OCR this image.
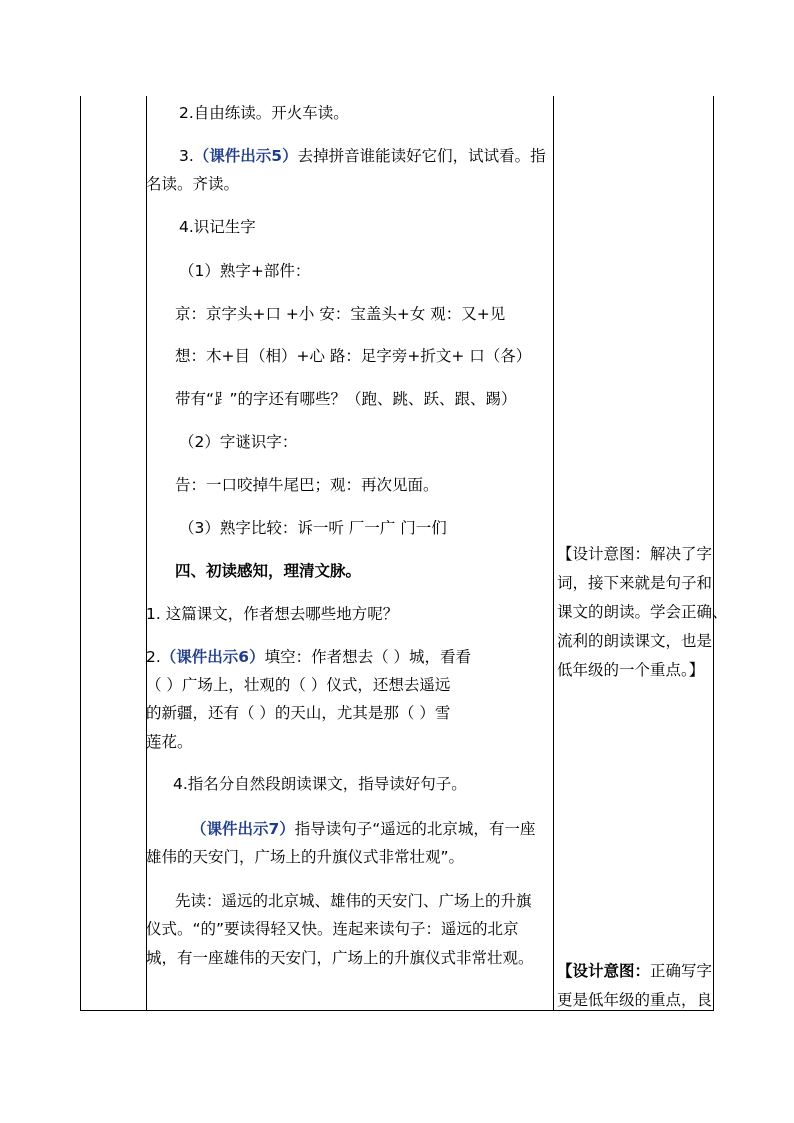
2.自由练读。开火车读。
3.（课件出示5）去掉拼音谁能读好它们，试试看。指
名读。齐读。
4.识记生字
（1）熟字+部件：
京：京字头+口 +小 安：宝盖头+女 观：又+见
想：木+目（相）+心 路：足字旁+折文+ 口（各）
带有“⻊”的字还有哪些？（跑、跳、跃、跟、踢）
（2）字谜识字：
告：一口咬掉牛尾巴；观：再次见面。
（3）熟字比较：诉一听 厂一广 门一们
四、初读感知，理清文脉。
1. 这篇课文，作者想去哪些地方呢？
2.（课件出示6）填空：作者想去（ ）城，看看
（ ）广场上，壮观的（ ）仪式，还想去遥远
的新疆，还有（ ）的天山，尤其是那（ ）雪
莲花。
4.指名分自然段朗读课文，指导读好句子。
（课件出示7）指导读句子“遥远的北京城，有一座
雄伟的天安门，广场上的升旗仪式非常壮观”。
先读：遥远的北京城、雄伟的天安门、广场上的升旗
仪式。“的”要读得轻又快。连起来读句子：遥远的北京
城，有一座雄伟的天安门，广场上的升旗仪式非常壮观。
【设计意图：解决了字
词，接下来就是句子和
课文的朗读。学会正确、
流利的朗读课文，也是
低年级的一个重点。】
【设计意图：正确写字
更是低年级的重点，良
